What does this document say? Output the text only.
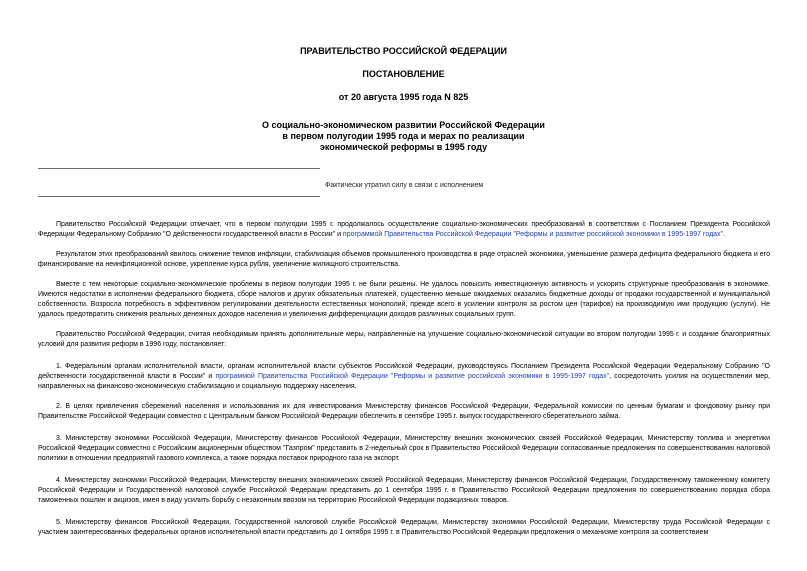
ПРАВИТЕЛЬСТВО РОССИЙСКОЙ ФЕДЕРАЦИИ
ПОСТАНОВЛЕНИЕ
от 20 августа 1995 года N 825
О социально-экономическом развитии Российской Федерации
в первом полугодии 1995 года и мерах по реализации
экономической реформы в 1995 году
Фактически утратил силу в связи с исполнением

Правительство Российской Федерации отмечает, что в первом полугодии 1995 г. продолжалось осуществление социально-экономических преобразований в соответствии с Посланием Президента Российской Федерации Федеральному Собранию "О действенности государственной власти в России" и программой Правительства Российской Федерации "Реформы и развитие российской экономики в 1995-1997 годах".

Результатом этих преобразований явилось снижение темпов инфляции, стабилизация объемов промышленного производства в ряде отраслей экономики, уменьшение размера дефицита федерального бюджета и его финансирование на неинфляционной основе, укрепление курса рубля, увеличение жилищного строительства.

Вместе с тем некоторые социально-экономические проблемы в первом полугодии 1995 г. не были решены. Не удалось повысить инвестиционную активность и ускорить структурные преобразования в экономике. Имеются недостатки в исполнении федерального бюджета, сборе налогов и других обязательных платежей, существенно меньше ожидаемых оказались бюджетные доходы от продажи государственной и муниципальной собственности. Возросла потребность в эффективном регулировании деятельности естественных монополий, прежде всего в усилении контроля за ростом цен (тарифов) на производимую ими продукцию (услуги). Не удалось предотвратить снижения реальных денежных доходов населения и увеличения дифференциации доходов различных социальных групп.

Правительство Российской Федерации, считая необходимым принять дополнительные меры, направленные на улучшение социально-экономической ситуации во втором полугодии 1995 г. и создание благоприятных условий для развития реформ в 1996 году, постановляет:

1. Федеральным органам исполнительной власти, органам исполнительной власти субъектов Российской Федерации, руководствуясь Посланием Президента Российской Федерации Федеральному Собранию "О действенности государственной власти в России" и программой Правительства Российской Федерации "Реформы и развитие российской экономики в 1995-1997 годах", сосредоточить усилия на осуществлении мер, направленных на финансово-экономическую стабилизацию и социальную поддержку населения.

2. В целях привлечения сбережений населения и использования их для инвестирования Министерству финансов Российской Федерации, Федеральной комиссии по ценным бумагам и фондовому рынку при Правительстве Российской Федерации совместно с Центральным банком Российской Федерации обеспечить в сентябре 1995 г. выпуск государственного сберегательного займа.

3. Министерству экономики Российской Федерации, Министерству финансов Российской Федерации, Министерству внешних экономических связей Российской Федерации, Министерству топлива и энергетики Российской Федерации совместно с Российским акционерным обществом "Газпром" представить в 2-недельный срок в Правительство Российской Федерации согласованные предложения по совершенствованию налоговой политики в отношении предприятий газового комплекса, а также порядка поставок природного газа на экспорт.

4. Министерству экономики Российской Федерации, Министерству внешних экономических связей Российской Федерации, Министерству финансов Российской Федерации, Государственному таможенному комитету Российской Федерации и Государственной налоговой службе Российской Федерации представить до 1 сентября 1995 г. в Правительство Российской Федерации предложения по совершенствованию порядка сбора таможенных пошлин и акцизов, имея в виду усилить борьбу с незаконным ввозом на территорию Российской Федерации подакцизных товаров.

5. Министерству финансов Российской Федерации, Государственной налоговой службе Российской Федерации, Министерству экономики Российской Федерации, Министерству труда Российской Федерации с участием заинтересованных федеральных органов исполнительной власти представить до 1 октября 1995 г. в Правительство Российской Федерации предложения о механизме контроля за соответствием
